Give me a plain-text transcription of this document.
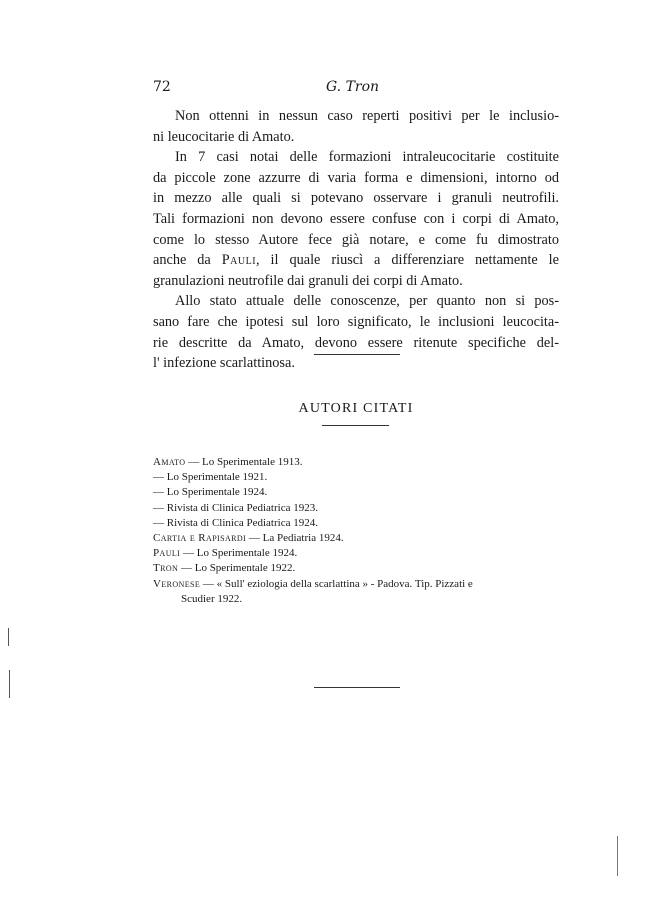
72	G. Tron
Non ottenni in nessun caso reperti positivi per le inclusio-
ni leucocitarie di Amato.
In 7 casi notai delle formazioni intraleucocitarie costituite
da piccole zone azzurre di varia forma e dimensioni, intorno od
in mezzo alle quali si potevano osservare i granuli neutrofili.
Tali formazioni non devono essere confuse con i corpi di Amato,
come lo stesso Autore fece già notare, e come fu dimostrato
anche da Pauli, il quale riuscì a differenziare nettamente le
granulazioni neutrofile dai granuli dei corpi di Amato.
Allo stato attuale delle conoscenze, per quanto non si pos-
sano fare che ipotesi sul loro significato, le inclusioni leucocita-
rie descritte da Amato, devono essere ritenute specifiche del-
l' infezione scarlattinosa.
AUTORI CITATI
Amato — Lo Sperimentale 1913.
— Lo Sperimentale 1921.
— Lo Sperimentale 1924.
— Rivista di Clinica Pediatrica 1923.
— Rivista di Clinica Pediatrica 1924.
Cartia e Rapisardi — La Pediatria 1924.
Pauli — Lo Sperimentale 1924.
Tron — Lo Sperimentale 1922.
Veronese — « Sull' eziologia della scarlattina » - Padova. Tip. Pizzati e
Scudier 1922.
